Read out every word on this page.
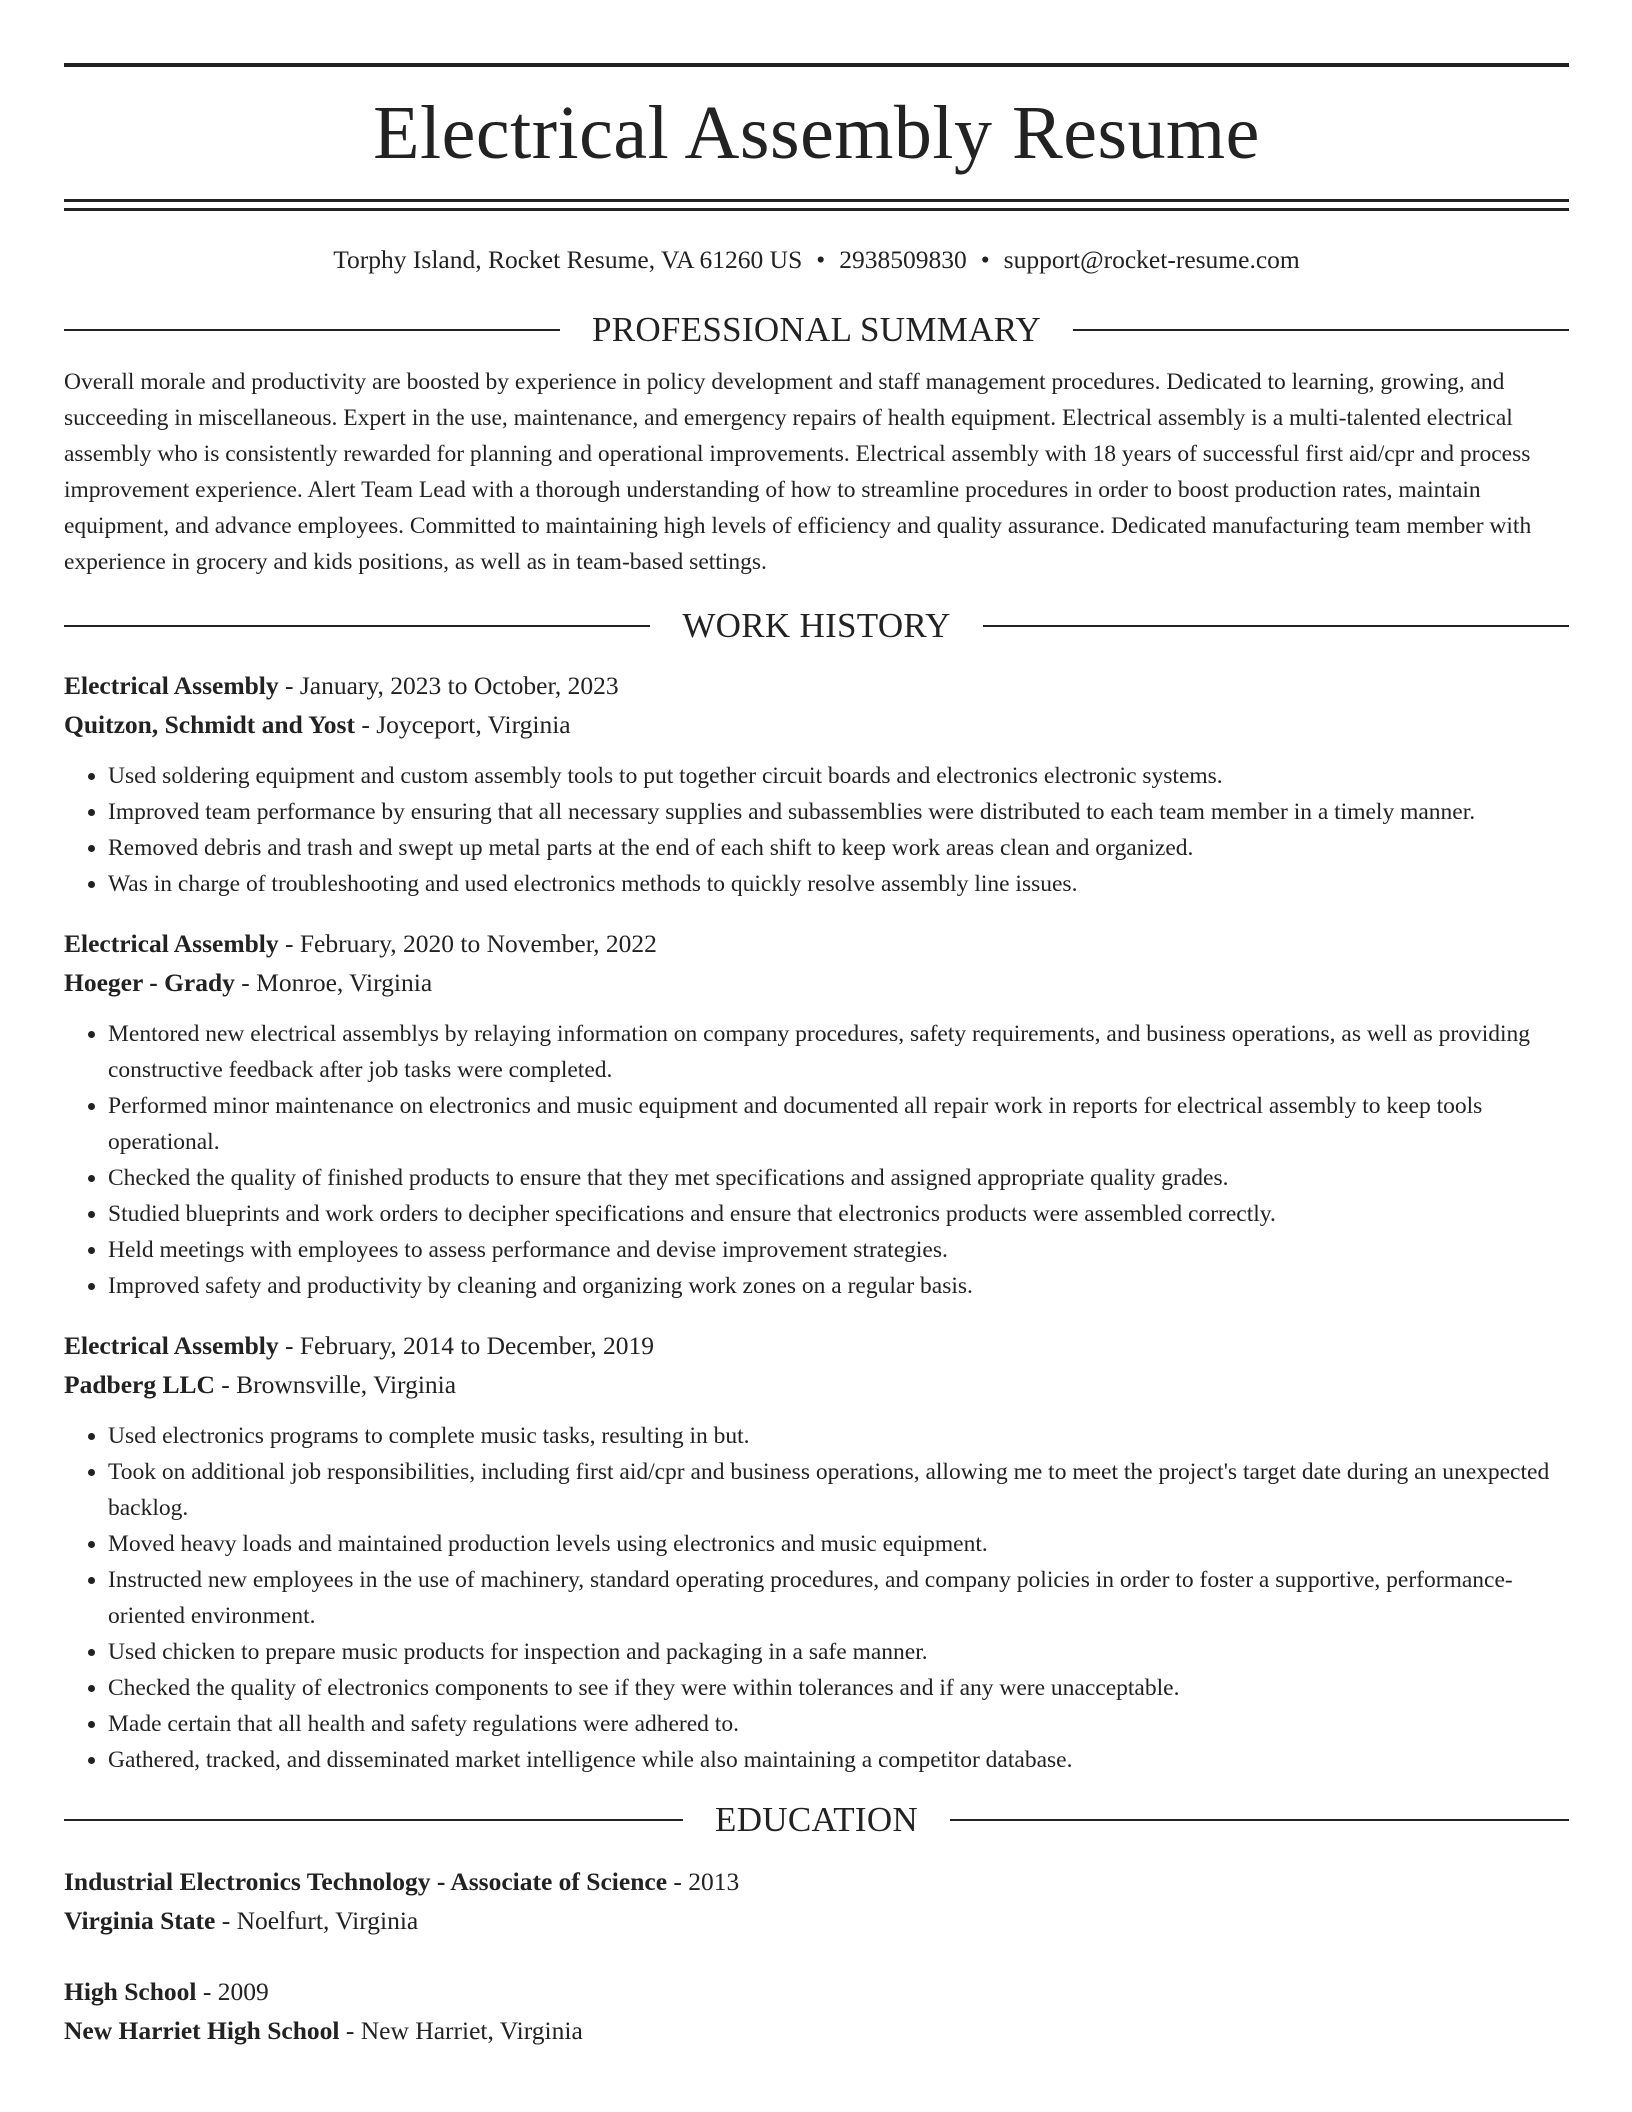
Electrical Assembly Resume
Torphy Island, Rocket Resume, VA 61260 US • 2938509830 • support@rocket-resume.com
PROFESSIONAL SUMMARY
Overall morale and productivity are boosted by experience in policy development and staff management procedures. Dedicated to learning, growing, and succeeding in miscellaneous. Expert in the use, maintenance, and emergency repairs of health equipment. Electrical assembly is a multi-talented electrical assembly who is consistently rewarded for planning and operational improvements. Electrical assembly with 18 years of successful first aid/cpr and process improvement experience. Alert Team Lead with a thorough understanding of how to streamline procedures in order to boost production rates, maintain equipment, and advance employees. Committed to maintaining high levels of efficiency and quality assurance. Dedicated manufacturing team member with experience in grocery and kids positions, as well as in team-based settings.
WORK HISTORY
Electrical Assembly - January, 2023 to October, 2023
Quitzon, Schmidt and Yost - Joyceport, Virginia
• Used soldering equipment and custom assembly tools to put together circuit boards and electronics electronic systems.
• Improved team performance by ensuring that all necessary supplies and subassemblies were distributed to each team member in a timely manner.
• Removed debris and trash and swept up metal parts at the end of each shift to keep work areas clean and organized.
• Was in charge of troubleshooting and used electronics methods to quickly resolve assembly line issues.
Electrical Assembly - February, 2020 to November, 2022
Hoeger - Grady - Monroe, Virginia
• Mentored new electrical assemblys by relaying information on company procedures, safety requirements, and business operations, as well as providing constructive feedback after job tasks were completed.
• Performed minor maintenance on electronics and music equipment and documented all repair work in reports for electrical assembly to keep tools operational.
• Checked the quality of finished products to ensure that they met specifications and assigned appropriate quality grades.
• Studied blueprints and work orders to decipher specifications and ensure that electronics products were assembled correctly.
• Held meetings with employees to assess performance and devise improvement strategies.
• Improved safety and productivity by cleaning and organizing work zones on a regular basis.
Electrical Assembly - February, 2014 to December, 2019
Padberg LLC - Brownsville, Virginia
• Used electronics programs to complete music tasks, resulting in but.
• Took on additional job responsibilities, including first aid/cpr and business operations, allowing me to meet the project's target date during an unexpected backlog.
• Moved heavy loads and maintained production levels using electronics and music equipment.
• Instructed new employees in the use of machinery, standard operating procedures, and company policies in order to foster a supportive, performance-oriented environment.
• Used chicken to prepare music products for inspection and packaging in a safe manner.
• Checked the quality of electronics components to see if they were within tolerances and if any were unacceptable.
• Made certain that all health and safety regulations were adhered to.
• Gathered, tracked, and disseminated market intelligence while also maintaining a competitor database.
EDUCATION
Industrial Electronics Technology - Associate of Science - 2013
Virginia State - Noelfurt, Virginia
High School - 2009
New Harriet High School - New Harriet, Virginia
